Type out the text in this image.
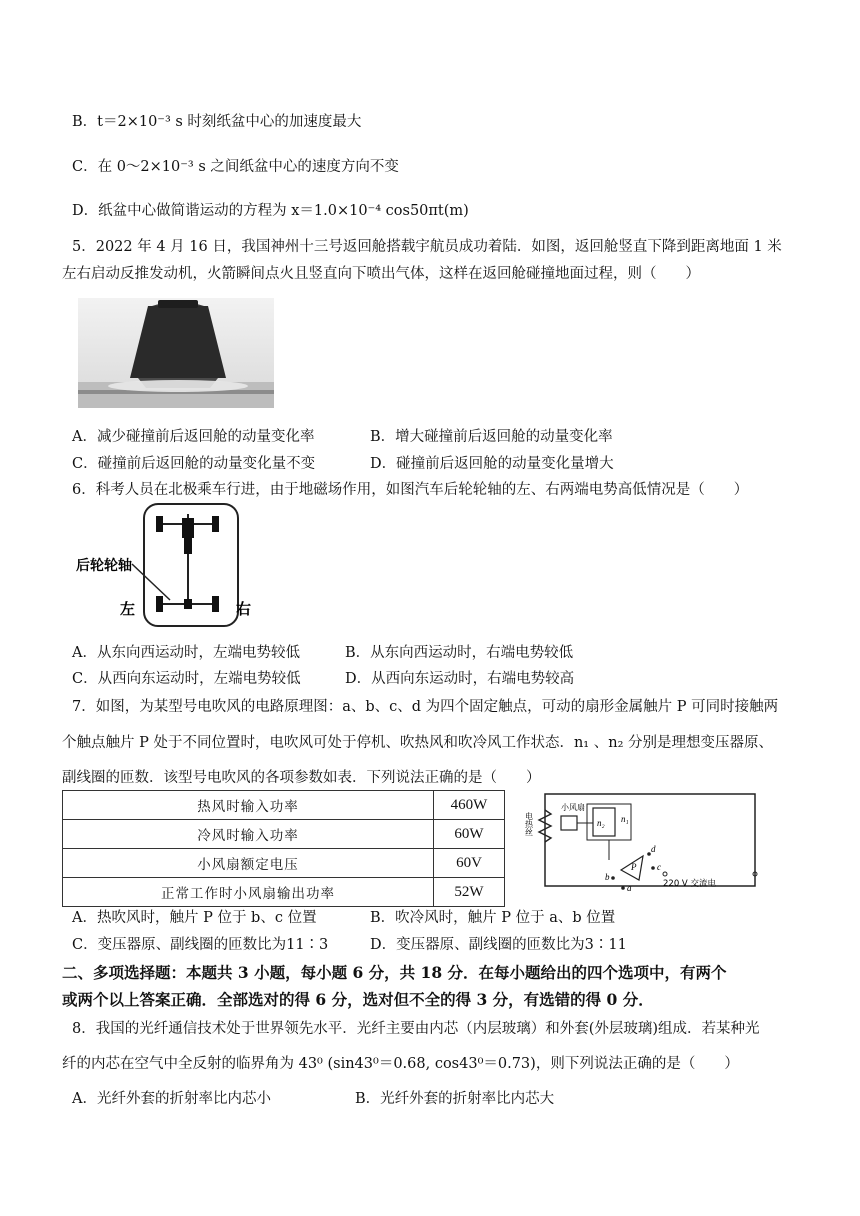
B．t＝2×10⁻³ s 时刻纸盆中心的加速度最大
C．在 0～2×10⁻³ s 之间纸盆中心的速度方向不变
D．纸盆中心做简谐运动的方程为 x＝1.0×10⁻⁴ cos50πt(m)
5．2022 年 4 月 16 日，我国神州十三号返回舱搭载宇航员成功着陆．如图，返回舱竖直下降到距离地面 1 米
左右启动反推发动机，火箭瞬间点火且竖直向下喷出气体，这样在返回舱碰撞地面过程，则（　　）
A．减少碰撞前后返回舱的动量变化率	B．增大碰撞前后返回舱的动量变化率
C．碰撞前后返回舱的动量变化量不变	D．碰撞前后返回舱的动量变化量增大
6．科考人员在北极乘车行进，由于地磁场作用，如图汽车后轮轮轴的左、右两端电势高低情况是（　　）
后轮轮轴
左	右
A．从东向西运动时，左端电势较低	B．从东向西运动时，右端电势较低
C．从西向东运动时，左端电势较低	D．从西向东运动时，右端电势较高
7．如图，为某型号电吹风的电路原理图：a、b、c、d 为四个固定触点，可动的扇形金属触片 P 可同时接触两
个触点触片 P 处于不同位置时，电吹风可处于停机、吹热风和吹冷风工作状态．n₁ 、n₂ 分别是理想变压器原、
副线圈的匝数．该型号电吹风的各项参数如表．下列说法正确的是（　　）
热风时输入功率	460W
冷风时输入功率	60W
小风扇额定电压	60V
正常工作时小风扇输出功率	52W
电热丝
小风扇
n₂ n₁
P
d
c
b
a	220 V 交流电
A．热吹风时，触片 P 位于 b、c 位置	B．吹冷风时，触片 P 位于 a、b 位置
C．变压器原、副线圈的匝数比为11∶3	D．变压器原、副线圈的匝数比为3∶11
二、多项选择题：本题共 3 小题，每小题 6 分，共 18 分．在每小题给出的四个选项中，有两个
或两个以上答案正确．全部选对的得 6 分，选对但不全的得 3 分，有选错的得 0 分．
8．我国的光纤通信技术处于世界领先水平．光纤主要由内芯（内层玻璃）和外套(外层玻璃)组成．若某种光
纤的内芯在空气中全反射的临界角为 43⁰ (sin43⁰＝0.68, cos43⁰＝0.73)，则下列说法正确的是（　　）
A．光纤外套的折射率比内芯小	B．光纤外套的折射率比内芯大
